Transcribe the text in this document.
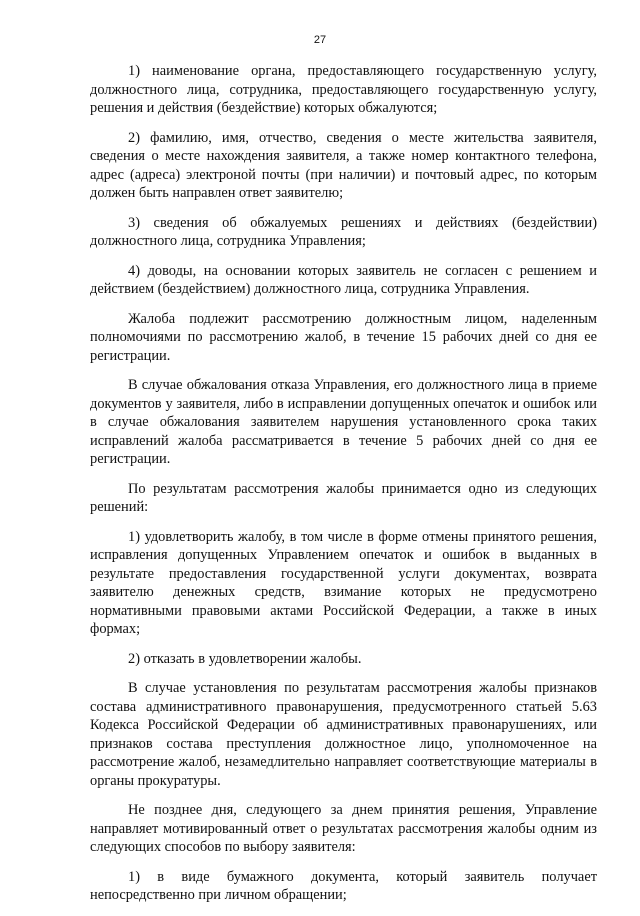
27

1) наименование органа, предоставляющего государственную услугу, должностного лица, сотрудника, предоставляющего государственную услугу, решения и действия (бездействие) которых обжалуются;

2) фамилию, имя, отчество, сведения о месте жительства заявителя, сведения о месте нахождения заявителя, а также номер контактного телефона, адрес (адреса) электроной почты (при наличии) и почтовый адрес, по которым должен быть направлен ответ заявителю;

3) сведения об обжалуемых решениях и действиях (бездействии) должностного лица, сотрудника Управления;

4) доводы, на основании которых заявитель не согласен с решением и действием (бездействием) должностного лица, сотрудника Управления.

Жалоба подлежит рассмотрению должностным лицом, наделенным полномочиями по рассмотрению жалоб, в течение 15 рабочих дней со дня ее регистрации.

В случае обжалования отказа Управления, его должностного лица в приеме документов у заявителя, либо в исправлении допущенных опечаток и ошибок или в случае обжалования заявителем нарушения установленного срока таких исправлений жалоба рассматривается в течение 5 рабочих дней со дня ее регистрации.

По результатам рассмотрения жалобы принимается одно из следующих решений:

1) удовлетворить жалобу, в том числе в форме отмены принятого решения, исправления допущенных Управлением опечаток и ошибок в выданных в результате предоставления государственной услуги документах, возврата заявителю денежных средств, взимание которых не предусмотрено нормативными правовыми актами Российской Федерации, а также в иных формах;

2) отказать в удовлетворении жалобы.

В случае установления по результатам рассмотрения жалобы признаков состава административного правонарушения, предусмотренного статьей 5.63 Кодекса Российской Федерации об административных правонарушениях, или признаков состава преступления должностное лицо, уполномоченное на рассмотрение жалоб, незамедлительно направляет соответствующие материалы в органы прокуратуры.

Не позднее дня, следующего за днем принятия решения, Управление направляет мотивированный ответ о результатах рассмотрения жалобы одним из следующих способов по выбору заявителя:

1) в виде бумажного документа, который заявитель получает непосредственно при личном обращении;
